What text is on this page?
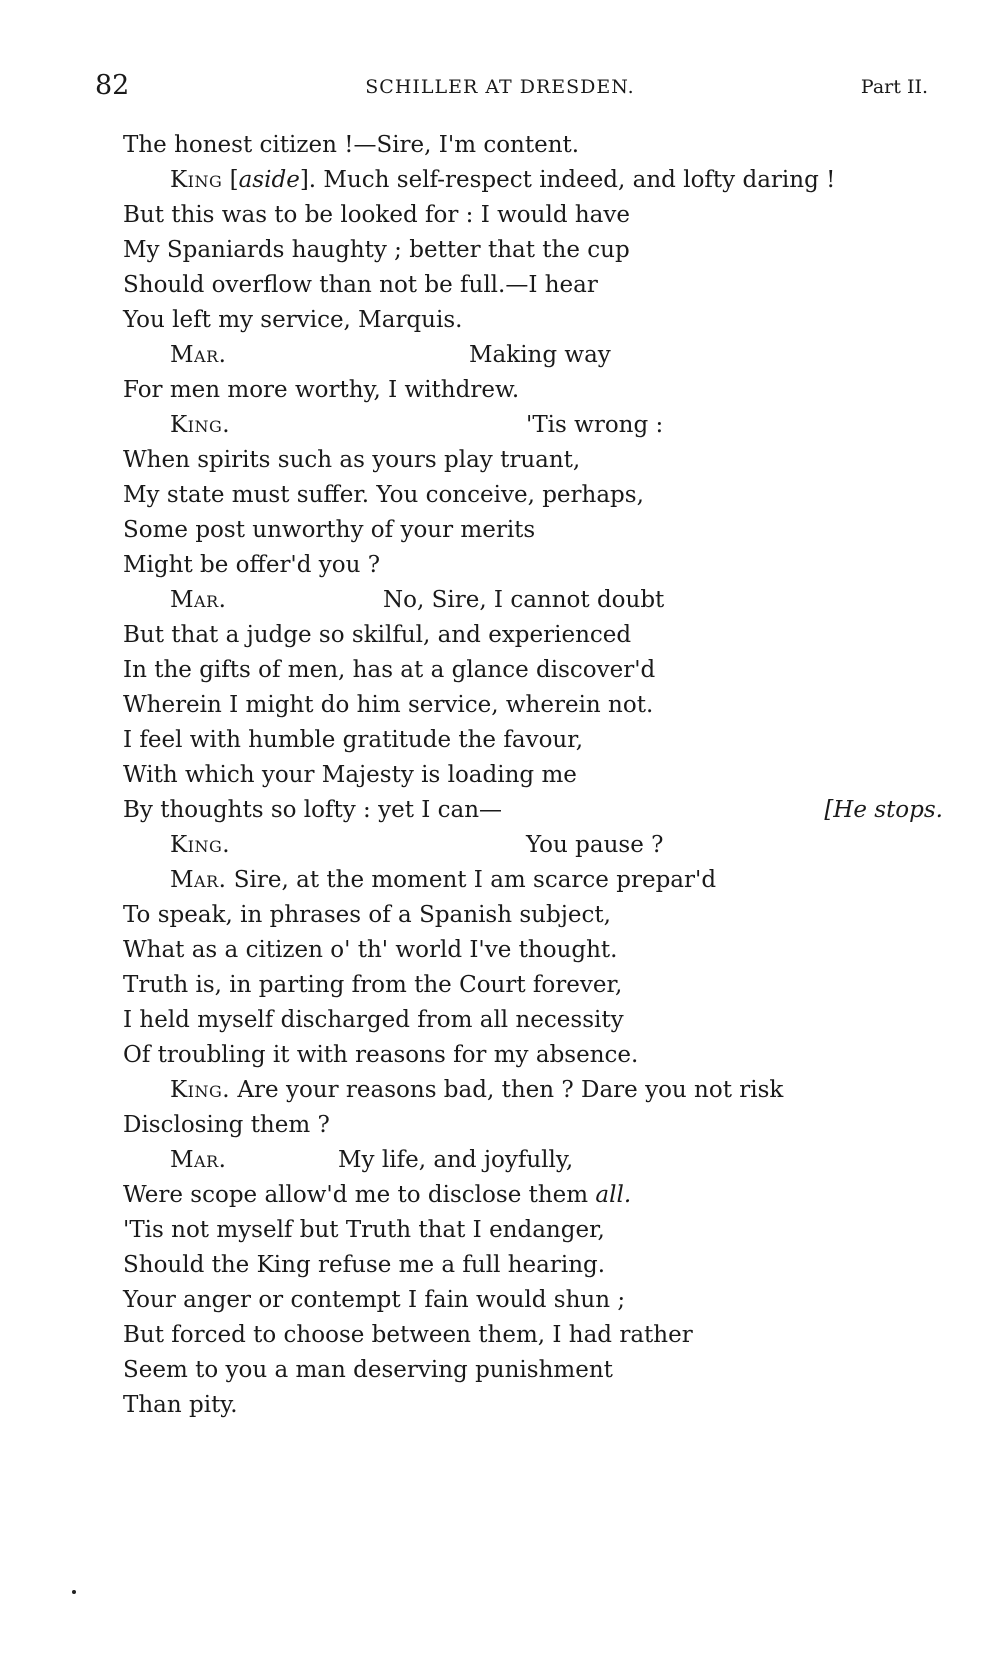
82	SCHILLER AT DRESDEN.	Part II.
The honest citizen !—Sire, I'm content.
King [aside]. Much self-respect indeed, and lofty daring !
But this was to be looked for : I would have
My Spaniards haughty ; better that the cup
Should overflow than not be full.—I hear
You left my service, Marquis.
Mar.	Making way
For men more worthy, I withdrew.
King.	'Tis wrong :
When spirits such as yours play truant,
My state must suffer. You conceive, perhaps,
Some post unworthy of your merits
Might be offer'd you ?
Mar.	No, Sire, I cannot doubt
But that a judge so skilful, and experienced
In the gifts of men, has at a glance discover'd
Wherein I might do him service, wherein not.
I feel with humble gratitude the favour,
With which your Majesty is loading me
By thoughts so lofty : yet I can—	[He stops.
King.	You pause ?
Mar. Sire, at the moment I am scarce prepar'd
To speak, in phrases of a Spanish subject,
What as a citizen o' th' world I've thought.
Truth is, in parting from the Court forever,
I held myself discharged from all necessity
Of troubling it with reasons for my absence.
King. Are your reasons bad, then ? Dare you not risk
Disclosing them ?
Mar.	My life, and joyfully,
Were scope allow'd me to disclose them all.
'Tis not myself but Truth that I endanger,
Should the King refuse me a full hearing.
Your anger or contempt I fain would shun ;
But forced to choose between them, I had rather
Seem to you a man deserving punishment
Than pity.
